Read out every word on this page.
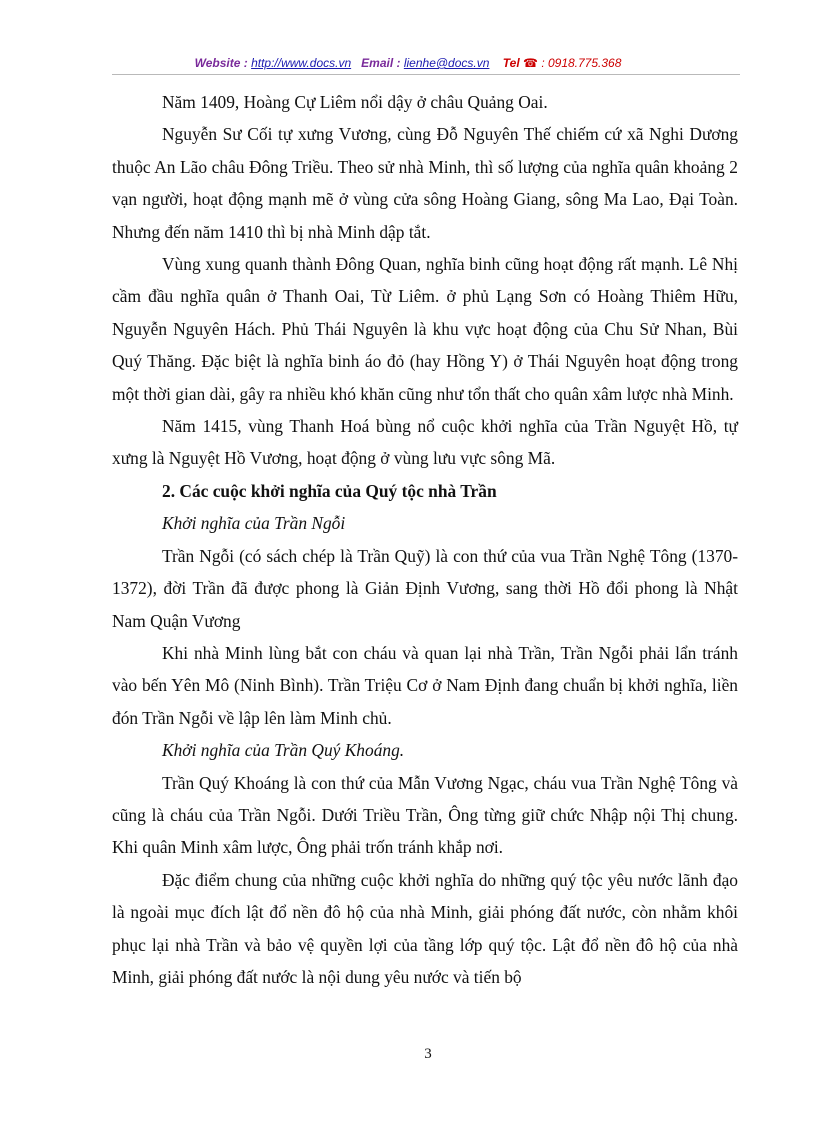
Website : http://www.docs.vn Email : lienhe@docs.vn Tel ☎ : 0918.775.368

Năm 1409, Hoàng Cự Liêm nổi dậy ở châu Quảng Oai.

Nguyễn Sư Cối tự xưng Vương, cùng Đỗ Nguyên Thế chiếm cứ xã Nghi Dương thuộc An Lão châu Đông Triều. Theo sử nhà Minh, thì số lượng của nghĩa quân khoảng 2 vạn người, hoạt động mạnh mẽ ở vùng cửa sông Hoàng Giang, sông Ma Lao, Đại Toàn. Nhưng đến năm 1410 thì bị nhà Minh dập tắt.

Vùng xung quanh thành Đông Quan, nghĩa binh cũng hoạt động rất mạnh. Lê Nhị cầm đầu nghĩa quân ở Thanh Oai, Từ Liêm. ở phủ Lạng Sơn có Hoàng Thiêm Hữu, Nguyễn Nguyên Hách. Phủ Thái Nguyên là khu vực hoạt động của Chu Sử Nhan, Bùi Quý Thăng. Đặc biệt là nghĩa binh áo đỏ (hay Hồng Y) ở Thái Nguyên hoạt động trong một thời gian dài, gây ra nhiều khó khăn cũng như tổn thất cho quân xâm lược nhà Minh.

Năm 1415, vùng Thanh Hoá bùng nổ cuộc khởi nghĩa của Trần Nguyệt Hồ, tự xưng là Nguyệt Hồ Vương, hoạt động ở vùng lưu vực sông Mã.

2. Các cuộc khởi nghĩa của Quý tộc nhà Trần

Khởi nghĩa của Trần Ngỗi

Trần Ngỗi (có sách chép là Trần Quỹ) là con thứ của vua Trần Nghệ Tông (1370-1372), đời Trần đã được phong là Giản Định Vương, sang thời Hồ đổi phong là Nhật Nam Quận Vương

Khi nhà Minh lùng bắt con cháu và quan lại nhà Trần, Trần Ngỗi phải lẩn tránh vào bến Yên Mô (Ninh Bình). Trần Triệu Cơ ở Nam Định đang chuẩn bị khởi nghĩa, liền đón Trần Ngỗi về lập lên làm Minh chủ.

Khởi nghĩa của Trần Quý Khoáng.

Trần Quý Khoáng là con thứ của Mẫn Vương Ngạc, cháu vua Trần Nghệ Tông và cũng là cháu của Trần Ngỗi. Dưới Triều Trần, Ông từng giữ chức Nhập nội Thị chung. Khi quân Minh xâm lược, Ông phải trốn tránh khắp nơi.

Đặc điểm chung của những cuộc khởi nghĩa do những quý tộc yêu nước lãnh đạo là ngoài mục đích lật đổ nền đô hộ của nhà Minh, giải phóng đất nước, còn nhằm khôi phục lại nhà Trần và bảo vệ quyền lợi của tầng lớp quý tộc. Lật đổ nền đô hộ của nhà Minh, giải phóng đất nước là nội dung yêu nước và tiến bộ

3
